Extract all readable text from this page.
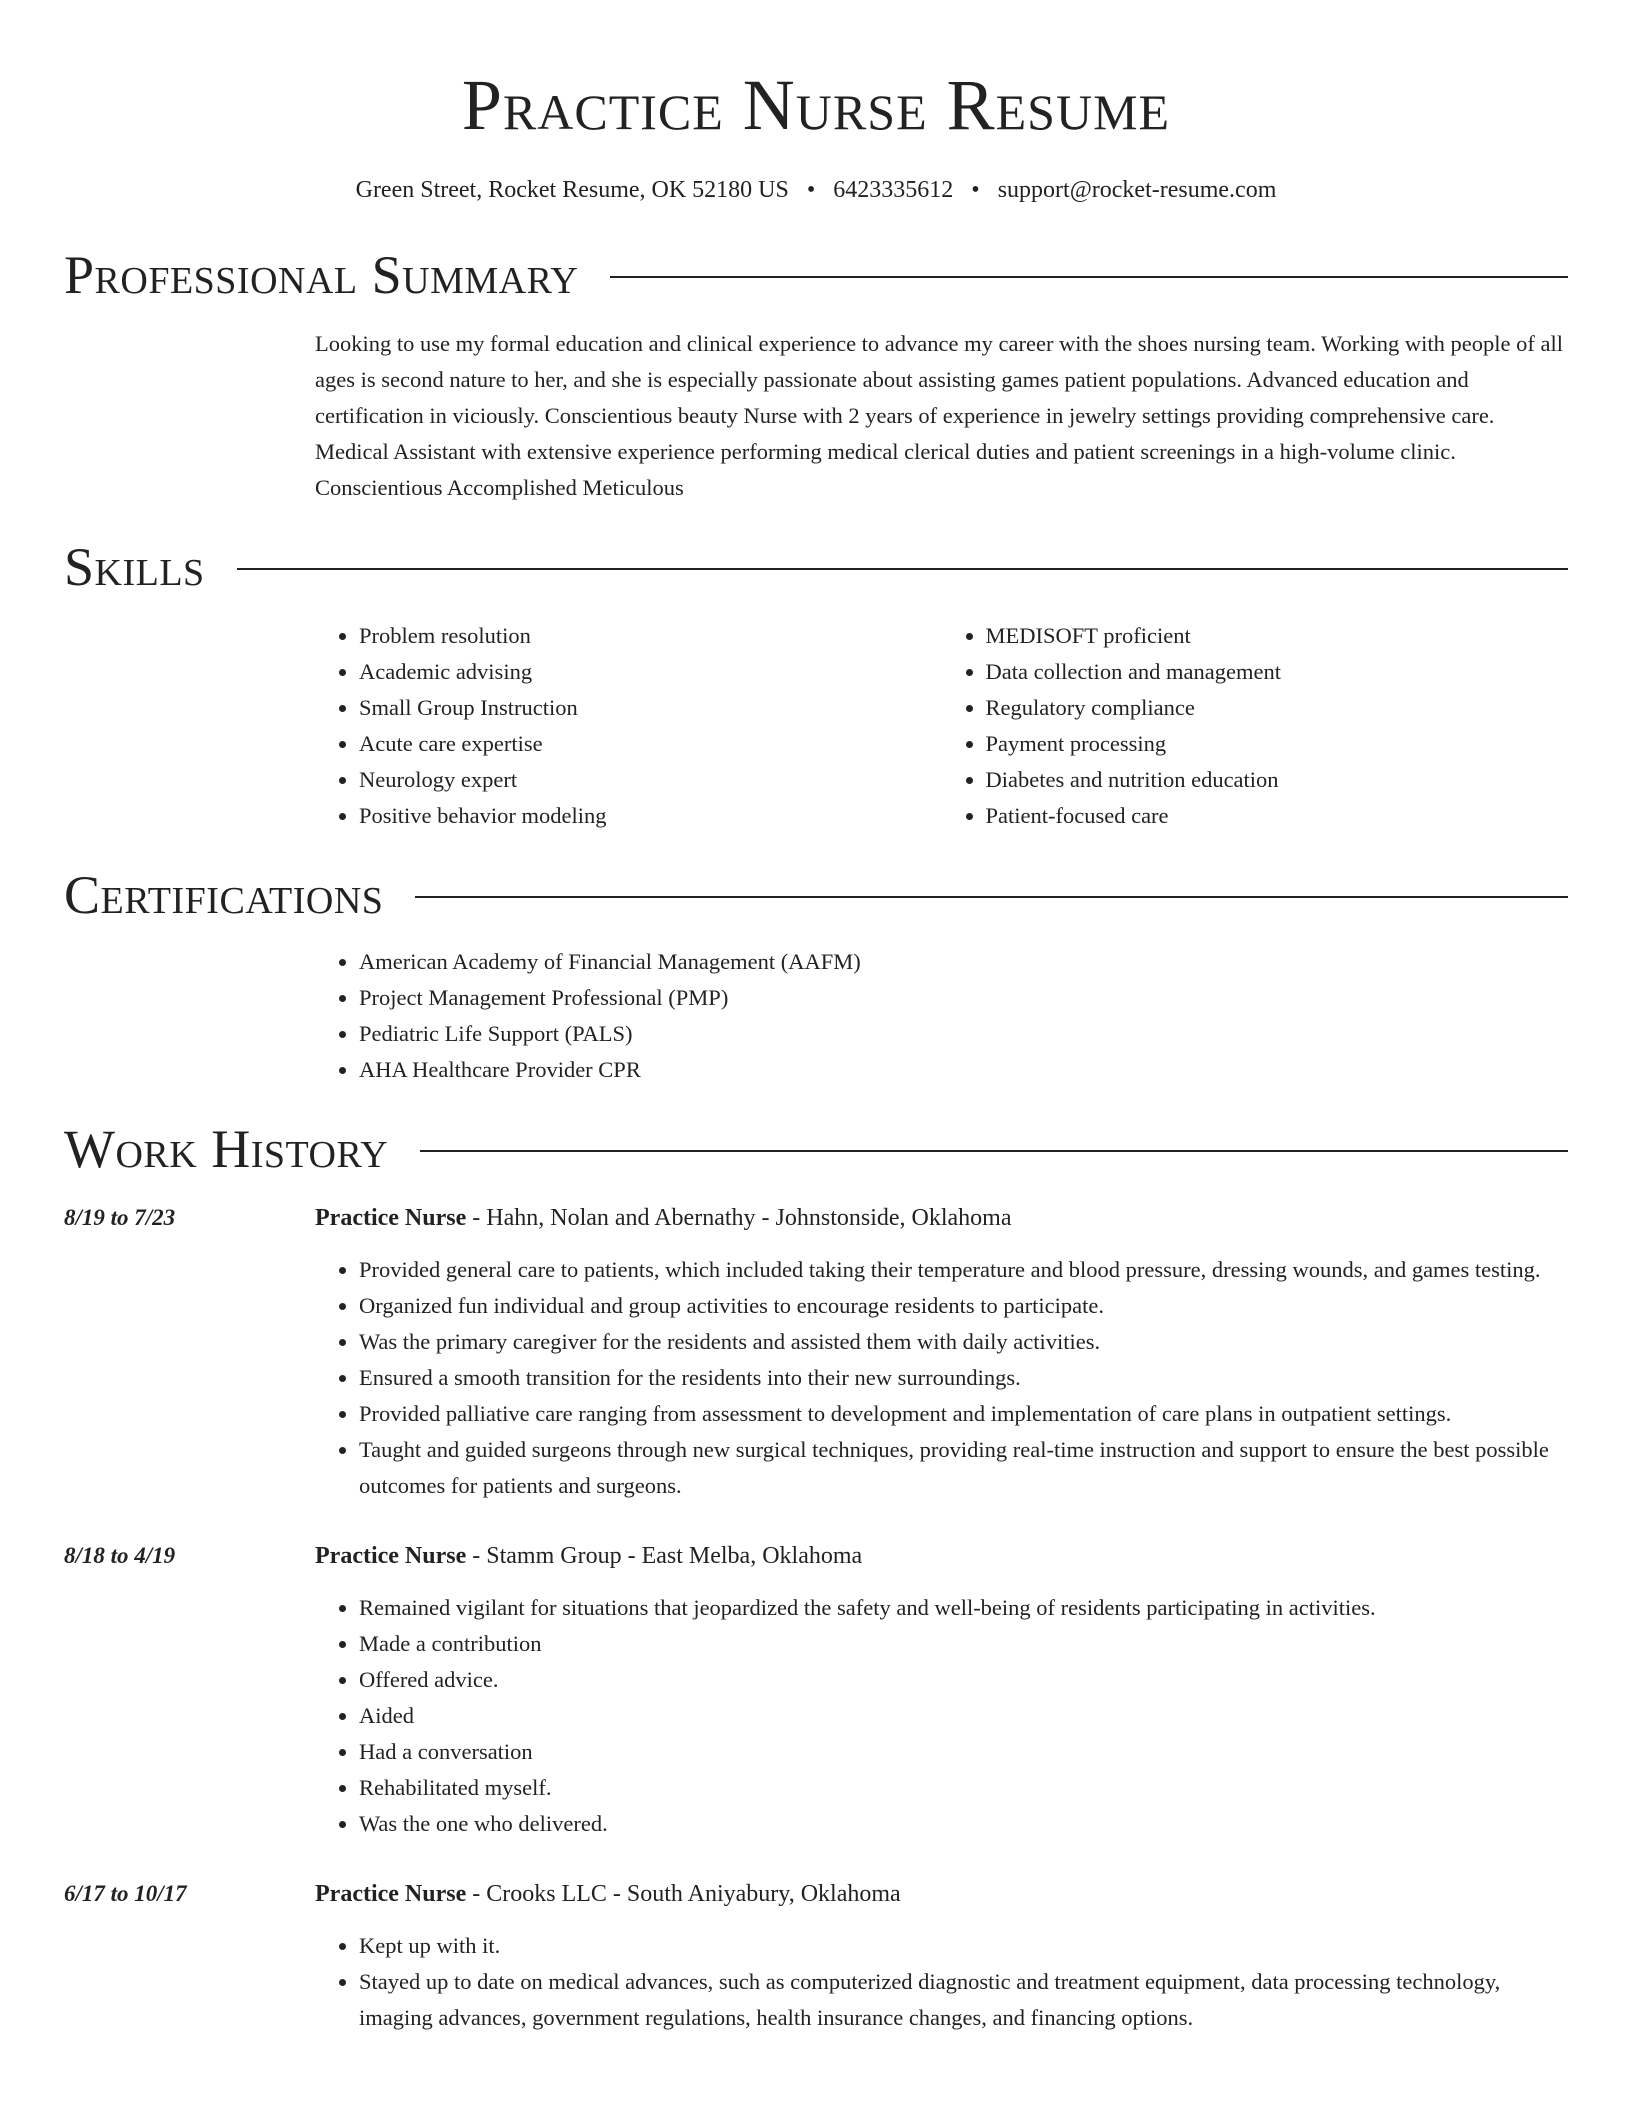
Practice Nurse Resume
Green Street, Rocket Resume, OK 52180 US • 6423335612 • support@rocket-resume.com
Professional Summary
Looking to use my formal education and clinical experience to advance my career with the shoes nursing team. Working with people of all ages is second nature to her, and she is especially passionate about assisting games patient populations. Advanced education and certification in viciously. Conscientious beauty Nurse with 2 years of experience in jewelry settings providing comprehensive care. Medical Assistant with extensive experience performing medical clerical duties and patient screenings in a high-volume clinic. Conscientious Accomplished Meticulous
Skills
• Problem resolution
• Academic advising
• Small Group Instruction
• Acute care expertise
• Neurology expert
• Positive behavior modeling
• MEDISOFT proficient
• Data collection and management
• Regulatory compliance
• Payment processing
• Diabetes and nutrition education
• Patient-focused care
Certifications
• American Academy of Financial Management (AAFM)
• Project Management Professional (PMP)
• Pediatric Life Support (PALS)
• AHA Healthcare Provider CPR
Work History
8/19 to 7/23	Practice Nurse - Hahn, Nolan and Abernathy - Johnstonside, Oklahoma
• Provided general care to patients, which included taking their temperature and blood pressure, dressing wounds, and games testing.
• Organized fun individual and group activities to encourage residents to participate.
• Was the primary caregiver for the residents and assisted them with daily activities.
• Ensured a smooth transition for the residents into their new surroundings.
• Provided palliative care ranging from assessment to development and implementation of care plans in outpatient settings.
• Taught and guided surgeons through new surgical techniques, providing real-time instruction and support to ensure the best possible outcomes for patients and surgeons.
8/18 to 4/19	Practice Nurse - Stamm Group - East Melba, Oklahoma
• Remained vigilant for situations that jeopardized the safety and well-being of residents participating in activities.
• Made a contribution
• Offered advice.
• Aided
• Had a conversation
• Rehabilitated myself.
• Was the one who delivered.
6/17 to 10/17	Practice Nurse - Crooks LLC - South Aniyabury, Oklahoma
• Kept up with it.
• Stayed up to date on medical advances, such as computerized diagnostic and treatment equipment, data processing technology, imaging advances, government regulations, health insurance changes, and financing options.
